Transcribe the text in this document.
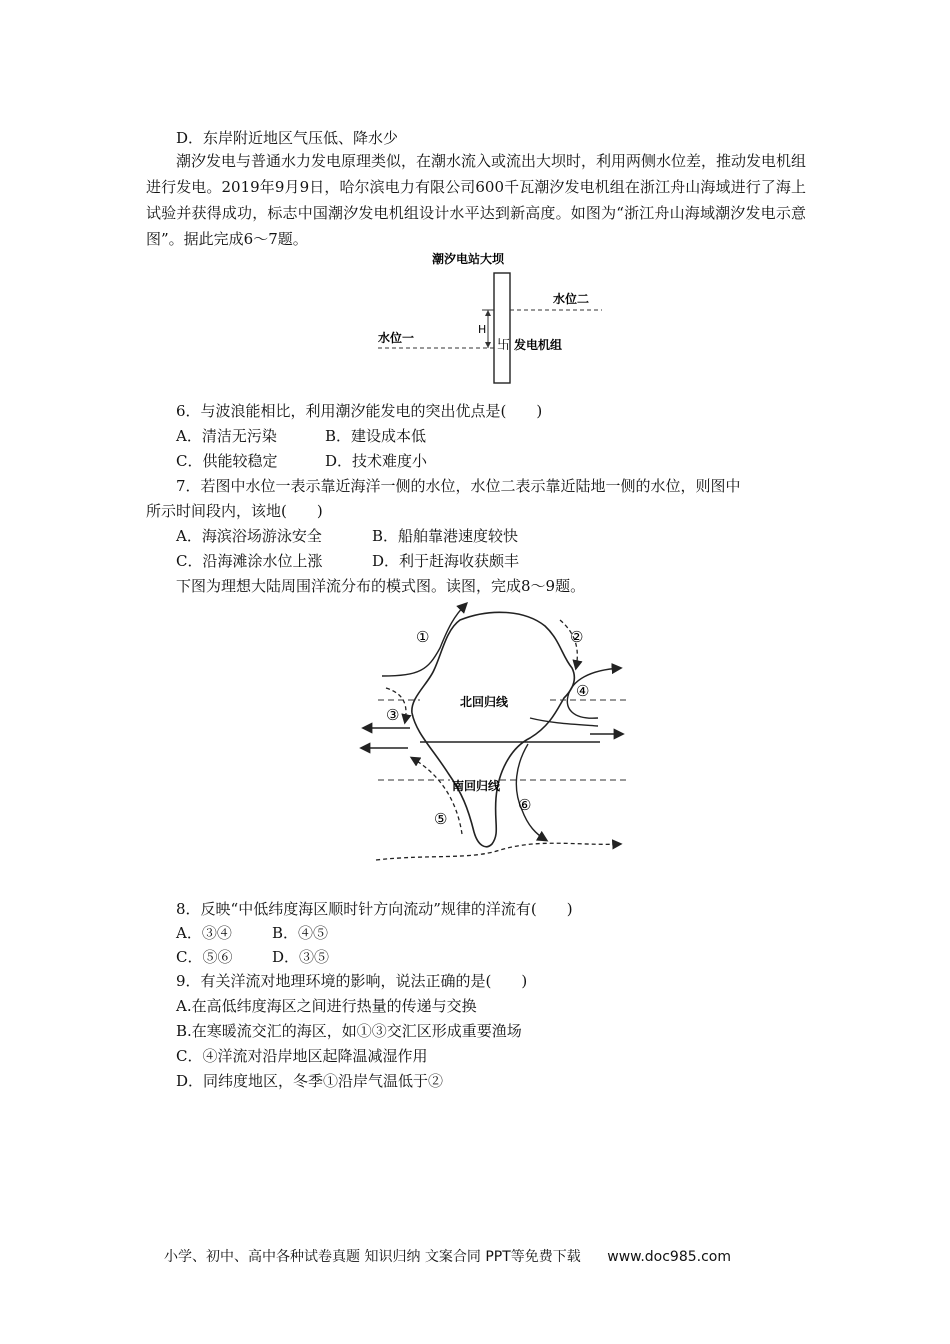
D．东岸附近地区气压低、降水少
潮汐发电与普通水力发电原理类似，在潮水流入或流出大坝时，利用两侧水位差，推动发电机组进行发电。2019年9月9日，哈尔滨电力有限公司600千瓦潮汐发电机组在浙江舟山海域进行了海上试验并获得成功，标志中国潮汐发电机组设计水平达到新高度。如图为“浙江舟山海域潮汐发电示意图”。据此完成6～7题。
潮汐电站大坝
水位二
水位一
H
卐 发电机组
6．与波浪能相比，利用潮汐能发电的突出优点是(　　)
A．清洁无污染	B．建设成本低
C．供能较稳定	D．技术难度小
7．若图中水位一表示靠近海洋一侧的水位，水位二表示靠近陆地一侧的水位，则图中
所示时间段内，该地(　　)
A．海滨浴场游泳安全	B．船舶靠港速度较快
C．沿海滩涂水位上涨	D．利于赶海收获颇丰
下图为理想大陆周围洋流分布的模式图。读图，完成8～9题。
北回归线
南回归线
①	②
③
④
⑤
⑥
8．反映“中低纬度海区顺时针方向流动”规律的洋流有(　　)
A．③④	B．④⑤
C．⑤⑥	D．③⑤
9．有关洋流对地理环境的影响，说法正确的是(　　)
A.在高低纬度海区之间进行热量的传递与交换
B.在寒暖流交汇的海区，如①③交汇区形成重要渔场
C．④洋流对沿岸地区起降温减湿作用
D．同纬度地区，冬季①沿岸气温低于②
小学、初中、高中各种试卷真题 知识归纳 文案合同 PPT等免费下载 www.doc985.com
